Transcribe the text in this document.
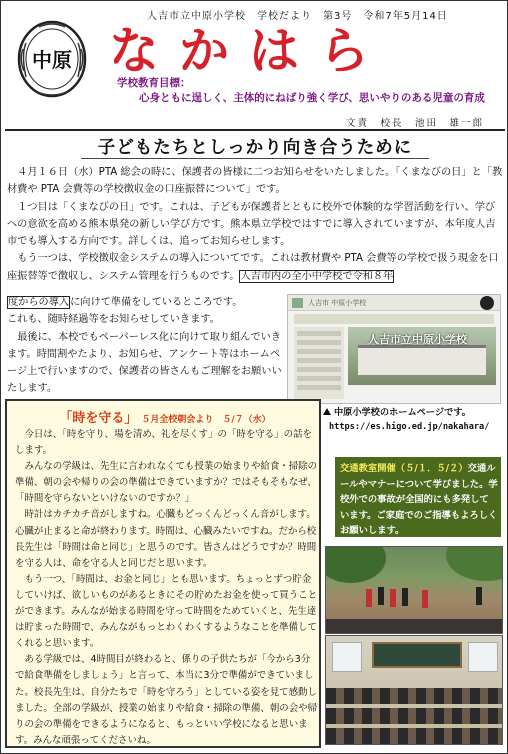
中原
人吉市立中原小学校　学校だより　第3号　令和7年5月14日
なかはら
学校教育目標：
心身ともに逞しく、主体的にねばり強く学び、思いやりのある児童の育成
文責　校長　池田　雄一郎
子どもたちとしっかり向き合うために

４月１６日（水）PTA 総会の時に、保護者の皆様に二つお知らせをいたしました。「くまなびの日」と「教材費や PTA 会費等の学校徴収金の口座振替について」です。

１つ目は「くまなびの日」です。これは、子どもが保護者とともに校外で体験的な学習活動を行い、学びへの意欲を高める熊本県発の新しい学び方です。熊本県立学校ではすでに導入されていますが、本年度人吉市でも導入する方向です。詳しくは、追ってお知らせします。

もう一つは、学校徴収金システムの導入についてです。これは教材費や PTA 会費等の学校で扱う現金を口座振替等で徴収し、システム管理を行うものです。人吉市内の全小中学校で令和８年

度からの導入に向けて準備をしているところです。
これも、随時経過等をお知らせしていきます。

最後に、本校でもペーパーレス化に向けて取り組んでいきます。時間割やたより、お知らせ、アンケート等はホームページ上で行いますので、保護者の皆さんもご理解をお願いいたします。

人吉市 中原小学校
人吉市立中原小学校
中原小学校のホームページです。
https://es.higo.ed.jp/nakahara/
「時を守る」 ５月全校朝会より　５/７（水）

今日は、「時を守り、場を清め、礼を尽くす」の「時を守る」の話をします。

みんなの学級は、先生に言われなくても授業の始まりや給食・掃除の準備、朝の会や帰りの会の準備はできていますか？ではそもそもなぜ、「時間を守らないといけないのですか？」

時計はカチカチ音がしますね。心臓もどっくんどっくん音がします。心臓が止まると命が終わります。時間は、心臓みたいですね。だから校長先生は「時間は命と同じ」と思うのです。皆さんはどうですか？時間を守る人は、命を守る人と同じだと思います。

もう一つ、「時間は、お金と同じ」とも思います。ちょっとずつ貯金していけば、欲しいものがあるときにその貯めたお金を使って買うことができます。みんなが始まる時間を守って時間をためていくと、先生達は貯まった時間で、みんながもっとわくわくするようなことを準備してくれると思います。

ある学級では、4時間目が終わると、係りの子供たちが「今から3分で給食準備をしましょう」と言って、本当に3分で準備ができていました。校長先生は、自分たちで「時を守ろう」としている姿を見て感動しました。全部の学級が、授業の始まりや給食・掃除の準備、朝の会や帰りの会の準備をできるようになると、もっといい学校になると思います。みんな頑張ってくださいね。

交通教室開催（５/１．５/２）交通ルールやマナーについて学びました。学校外での事故が全国的にも多発しています。ご家庭でのご指導もよろしくお願いします。
